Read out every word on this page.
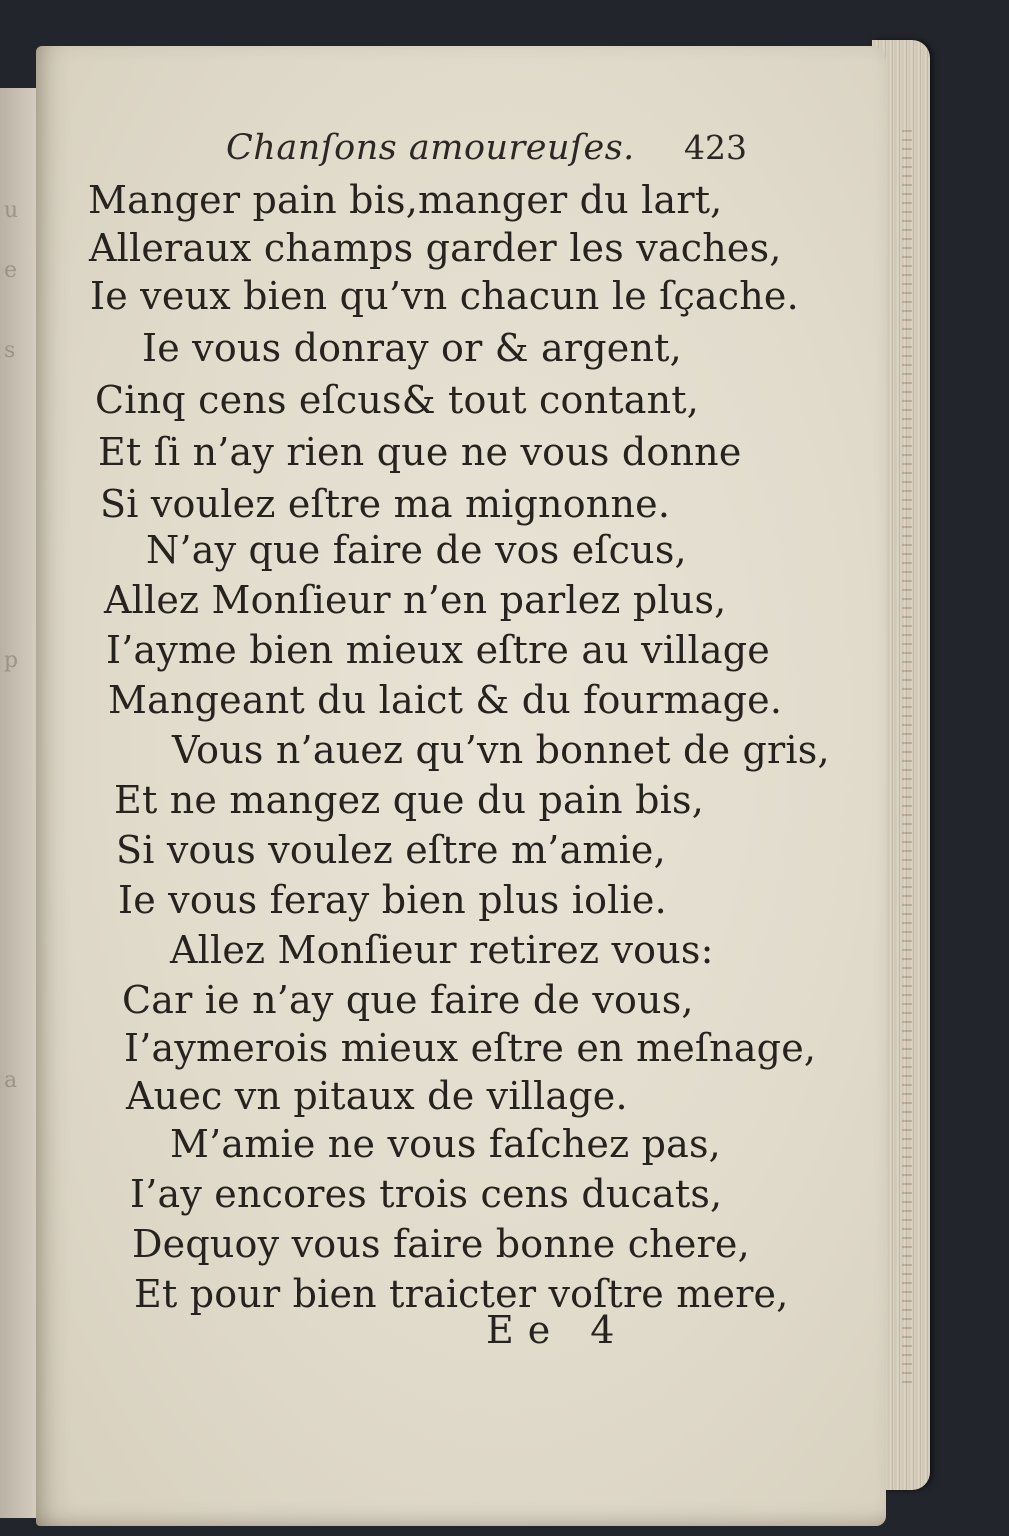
u
e
s
p
a
Chanſons amoureuſes. 423
Manger pain bis,manger du lart,
Alleraux champs garder les vaches,
Ie veux bien qu’vn chacun le ſçache.
Ie vous donray or & argent,
Cinq cens eſcus& tout contant,
Et ſi n’ay rien que ne vous donne
Si voulez eſtre ma mignonne.
N’ay que faire de vos eſcus,
Allez Monſieur n’en parlez plus,
I’ayme bien mieux eſtre au village
Mangeant du laict & du fourmage.
Vous n’auez qu’vn bonnet de gris,
Et ne mangez que du pain bis,
Si vous voulez eſtre m’amie,
Ie vous feray bien plus iolie.
Allez Monſieur retirez vous:
Car ie n’ay que faire de vous,
I’aymerois mieux eſtre en meſnage,
Auec vn pitaux de village.
M’amie ne vous faſchez pas,
I’ay encores trois cens ducats,
Dequoy vous faire bonne chere,
Et pour bien traicter voſtre mere,
Ee 4
